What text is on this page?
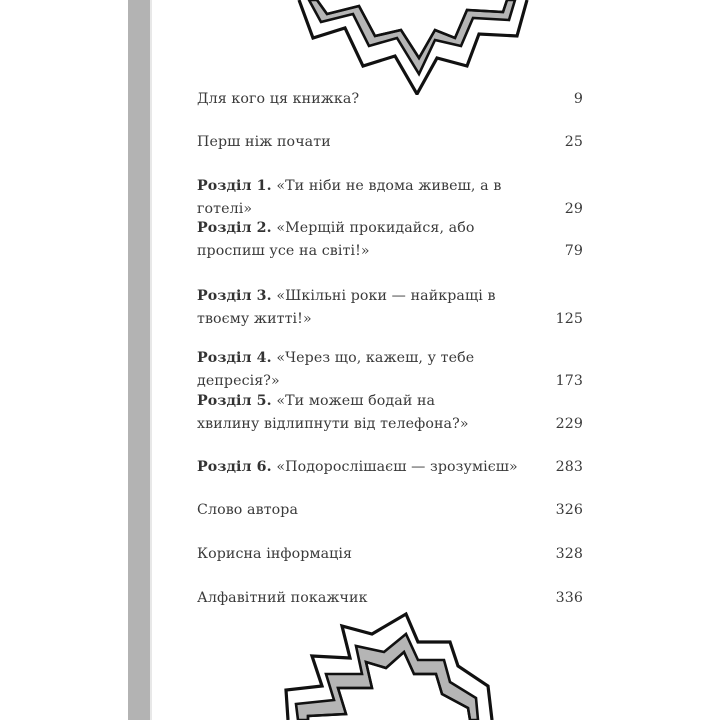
Для кого ця книжка?	9
Перш ніж почати	25
Розділ 1. «Ти ніби не вдома живеш, а в готелі»	29
Розділ 2. «Мерщій прокидайся, або проспиш усе на світі!»	79
Розділ 3. «Шкільні роки — найкращі в твоєму житті!»	125
Розділ 4. «Через що, кажеш, у тебе депресія?»	173
Розділ 5. «Ти можеш бодай на хвилину відлипнути від телефона?»	229
Розділ 6. «Подорослішаєш — зрозумієш»	283
Слово автора	326
Корисна інформація	328
Алфавітний покажчик	336
